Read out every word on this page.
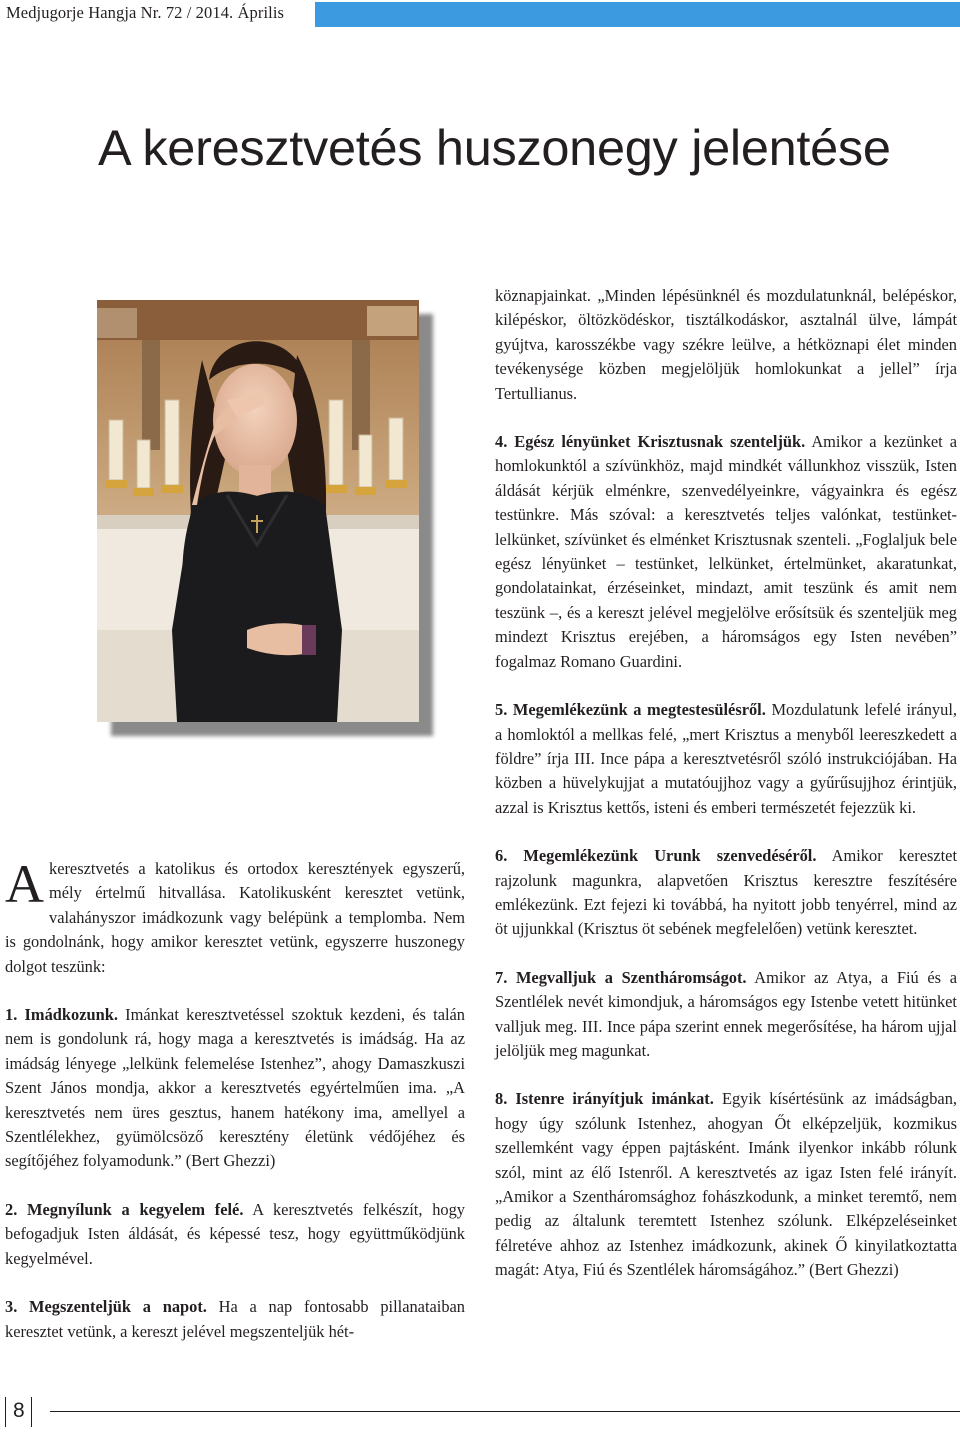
Medjugorje Hangja Nr. 72 / 2014. Április
A keresztvetés huszonegy jelentése

Akeresztvetés a katolikus és ortodox keresztények egyszerű, mély értelmű hitvallása. Katolikusként keresztet vetünk, valahányszor imádkozunk vagy belépünk a templomba. Nem is gondolnánk, hogy amikor keresztet vetünk, egyszerre huszonegy dolgot teszünk:

1. Imádkozunk. Imánkat keresztvetéssel szoktuk kezdeni, és talán nem is gondolunk rá, hogy maga a keresztvetés is imádság. Ha az imádság lényege „lelkünk felemelése Istenhez”, ahogy Damaszkuszi Szent János mondja, akkor a keresztvetés egyértelműen ima. „A keresztvetés nem üres gesztus, hanem hatékony ima, amellyel a Szentlélekhez, gyümölcsöző keresztény életünk védőjéhez és segítőjéhez folyamodunk.” (Bert Ghezzi)

2. Megnyílunk a kegyelem felé. A keresztvetés felkészít, hogy befogadjuk Isten áldását, és képessé tesz, hogy együttműködjünk kegyelmével.

3. Megszenteljük a napot. Ha a nap fontosabb pillanataiban keresztet vetünk, a kereszt jelével megszenteljük hét-

köznapjainkat. „Minden lépésünknél és mozdulatunknál, belépéskor, kilépéskor, öltözködéskor, tisztálkodáskor, asztalnál ülve, lámpát gyújtva, karosszékbe vagy székre leülve, a hétköznapi élet minden tevékenysége közben megjelöljük homlokunkat a jellel” írja Tertullianus.

4. Egész lényünket Krisztusnak szenteljük. Amikor a kezünket a homlokunktól a szívünkhöz, majd mindkét vállunkhoz visszük, Isten áldását kérjük elménkre, szenvedélyeinkre, vágyainkra és egész testünkre. Más szóval: a keresztvetés teljes valónkat, testünket-lelkünket, szívünket és elménket Krisztusnak szenteli. „Foglaljuk bele egész lényünket – testünket, lelkünket, értelmünket, akaratunkat, gondolatainkat, érzéseinket, mindazt, amit teszünk és amit nem teszünk –, és a kereszt jelével megjelölve erősítsük és szenteljük meg mindezt Krisztus erejében, a háromságos egy Isten nevében” fogalmaz Romano Guardini.

5. Megemlékezünk a megtestesülésről. Mozdulatunk lefelé irányul, a homloktól a mellkas felé, „mert Krisztus a menyből leereszkedett a földre” írja III. Ince pápa a keresztvetésről szóló instrukciójában. Ha közben a hüvelykujjat a mutatóujjhoz vagy a gyűrűsujjhoz érintjük, azzal is Krisztus kettős, isteni és emberi természetét fejezzük ki.

6. Megemlékezünk Urunk szenvedéséről. Amikor keresztet rajzolunk magunkra, alapvetően Krisztus keresztre feszítésére emlékezünk. Ezt fejezi ki továbbá, ha nyitott jobb tenyérrel, mind az öt ujjunkkal (Krisztus öt sebének megfelelően) vetünk keresztet.

7. Megvalljuk a Szentháromságot. Amikor az Atya, a Fiú és a Szentlélek nevét kimondjuk, a háromságos egy Istenbe vetett hitünket valljuk meg. III. Ince pápa szerint ennek megerősítése, ha három ujjal jelöljük meg magunkat.

8. Istenre irányítjuk imánkat. Egyik kísértésünk az imádságban, hogy úgy szólunk Istenhez, ahogyan Őt elképzeljük, kozmikus szellemként vagy éppen pajtásként. Imánk ilyenkor inkább rólunk szól, mint az élő Istenről. A keresztvetés az igaz Isten felé irányít. „Amikor a Szentháromsághoz fohászkodunk, a minket teremtő, nem pedig az általunk teremtett Istenhez szólunk. Elképzeléseinket félretéve ahhoz az Istenhez imádkozunk, akinek Ő kinyilatkoztatta magát: Atya, Fiú és Szentlélek háromságához.” (Bert Ghezzi)

8
